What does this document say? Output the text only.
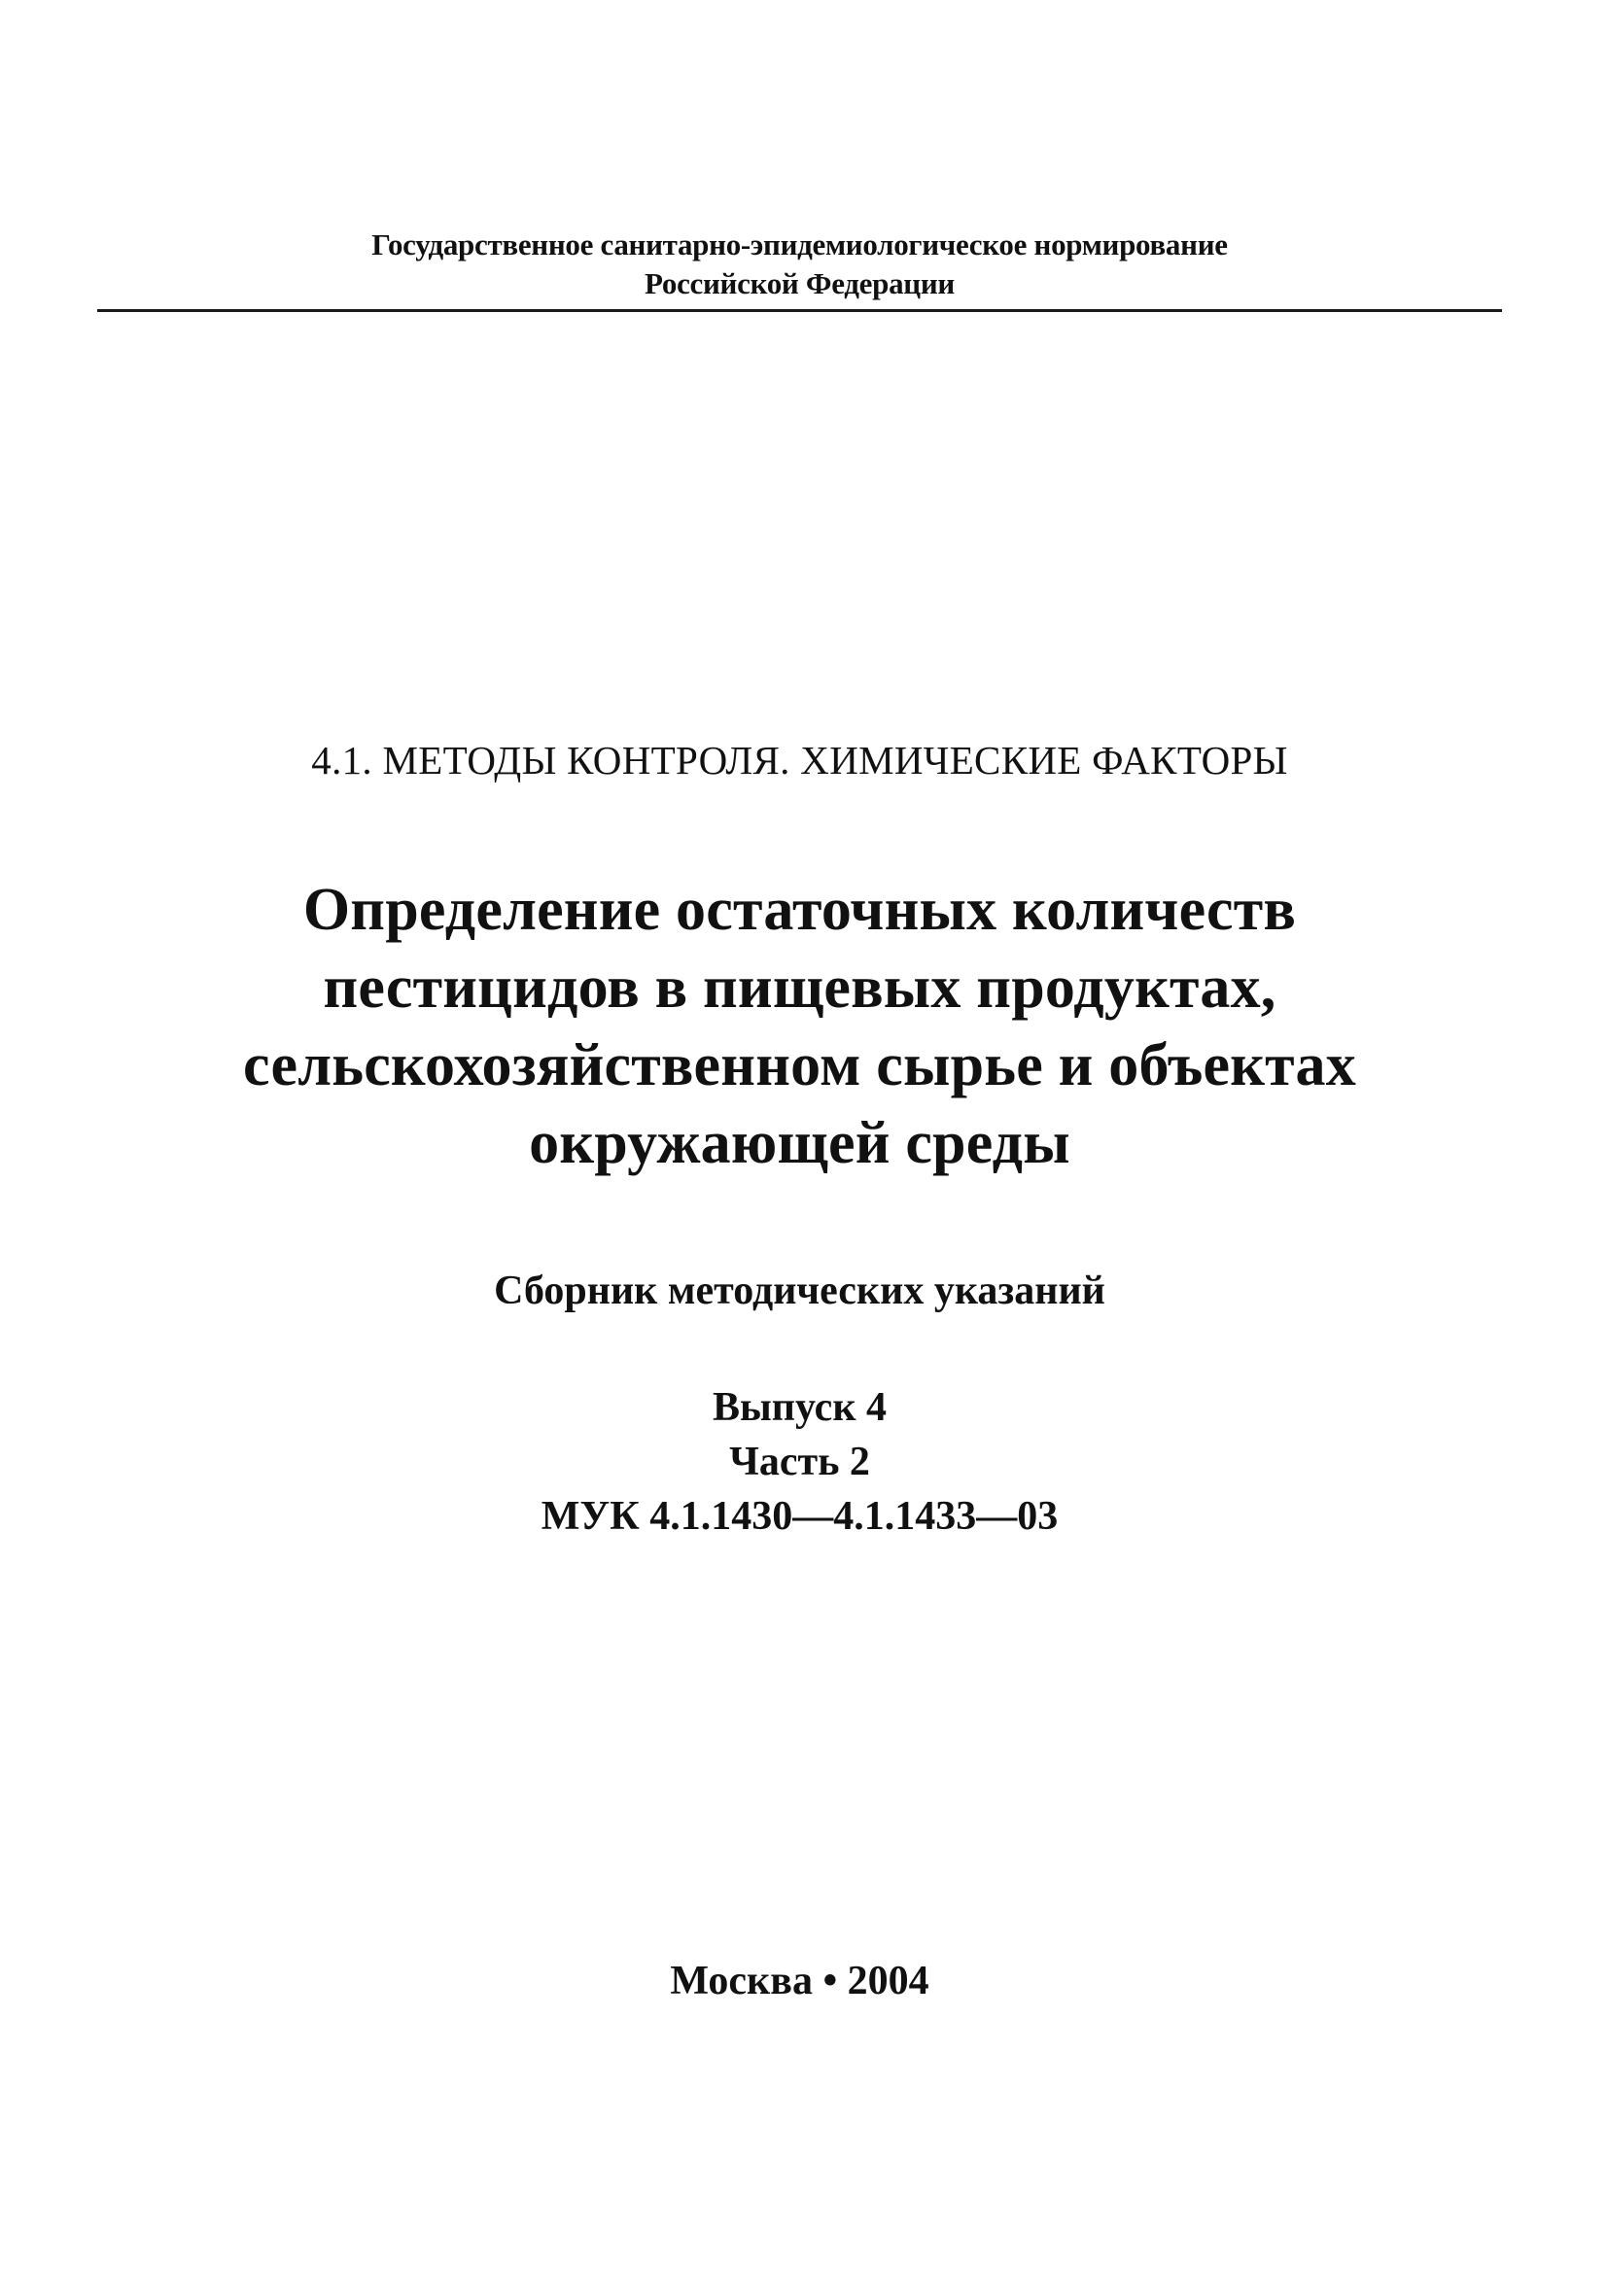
Государственное санитарно-эпидемиологическое нормирование
Российской Федерации
4.1. МЕТОДЫ КОНТРОЛЯ. ХИМИЧЕСКИЕ ФАКТОРЫ
Определение остаточных количеств
пестицидов в пищевых продуктах,
сельскохозяйственном сырье и объектах
окружающей среды
Сборник методических указаний
Выпуск 4
Часть 2
МУК 4.1.1430—4.1.1433—03
Москва • 2004
